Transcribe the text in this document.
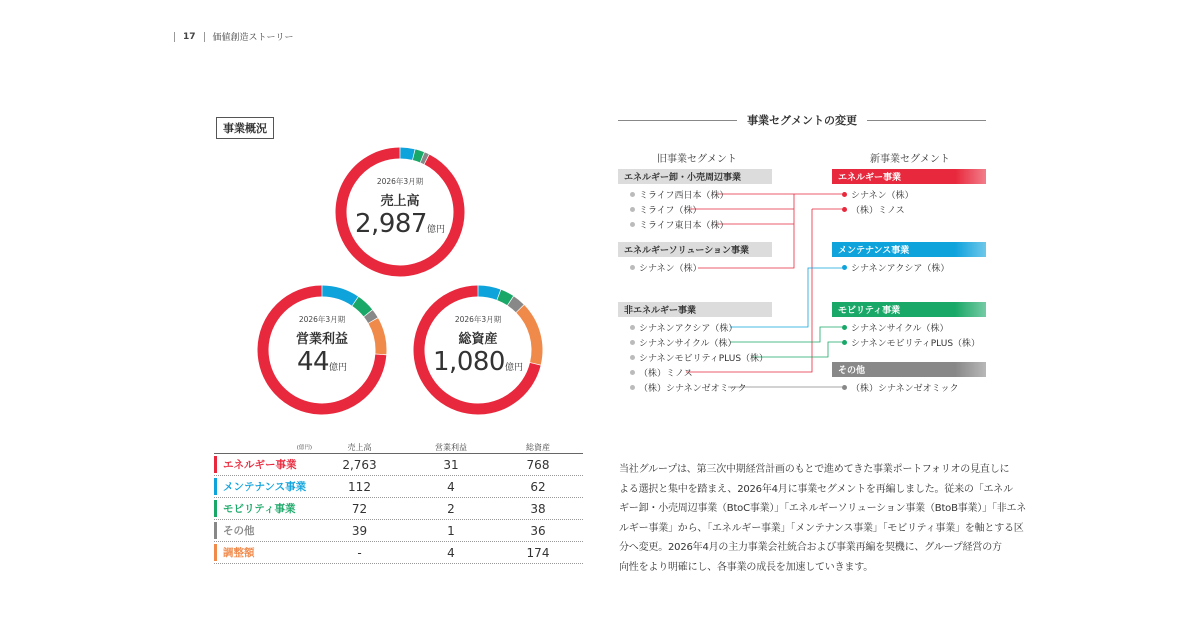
17 価値創造ストーリー
事業概況
2026年3月期
売上高
2,987億円
2026年3月期
営業利益
44億円
2026年3月期
総資産
1,080億円
(億円)	売上高	営業利益	総資産
エネルギー事業	2,763	31	768
メンテナンス事業	112	4	62
モビリティ事業	72	2	38
その他	39	1	36
調整額	-	4	174
事業セグメントの変更
旧事業セグメント	新事業セグメント
エネルギー卸・小売周辺事業
ミライフ西日本（株）
ミライフ（株）
ミライフ東日本（株）
エネルギーソリューション事業
シナネン（株）
非エネルギー事業
シナネンアクシア（株）
シナネンサイクル（株）
シナネンモビリティPLUS（株）
（株）ミノス
（株）シナネンゼオミック
エネルギー事業
シナネン（株）
（株）ミノス
メンテナンス事業
シナネンアクシア（株）
モビリティ事業
シナネンサイクル（株）
シナネンモビリティPLUS（株）
その他
（株）シナネンゼオミック
当社グループは、第三次中期経営計画のもとで進めてきた事業ポートフォリオの見直しに
よる選択と集中を踏まえ、2026年4月に事業セグメントを再編しました。従来の「エネル
ギー卸・小売周辺事業（BtoC事業）」「エネルギーソリューション事業（BtoB事業）」「非エネ
ルギー事業」から、「エネルギー事業」「メンテナンス事業」「モビリティ事業」を軸とする区
分へ変更。2026年4月の主力事業会社統合および事業再編を契機に、グループ経営の方
向性をより明確にし、各事業の成長を加速していきます。
